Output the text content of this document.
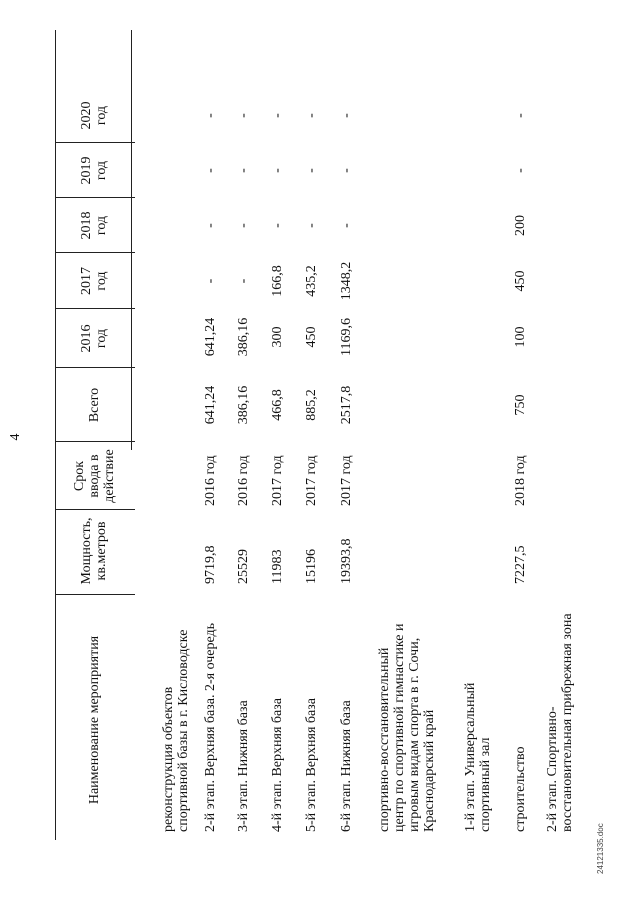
4
Наименование мероприятия
Мощность,
кв.метров
Срок
ввода в
действие
Всего
2016
год
2017
год
2018
год
2019
год
2020
год
реконструкция объектов
спортивной базы в г. Кисловодске 2-й этап. Верхняя база. 2-я очередь
9719,8
2016 год
641,24
641,24
-
-
-
-
3-й этап. Нижняя база
25529
2016 год
386,16
386,16
-
-
-
-
4-й этап. Верхняя база
11983
2017 год
466,8
300
166,8
-
-
-
5-й этап. Верхняя база
15196
2017 год
885,2
450
435,2
-
-
-
6-й этап. Нижняя база
19393,8
2017 год
2517,8
1169,6
1348,2
-
-
-
спортивно-восстановительный
центр по спортивной гимнастике и
игровым видам спорта в г. Сочи,
Краснодарский край
1-й этап. Универсальный
спортивный зал строительство
7227,5
2018 год
750
100
450
200
-
-
2-й этап. Спортивно-
восстановительная прибрежная зона
24121335.doc
